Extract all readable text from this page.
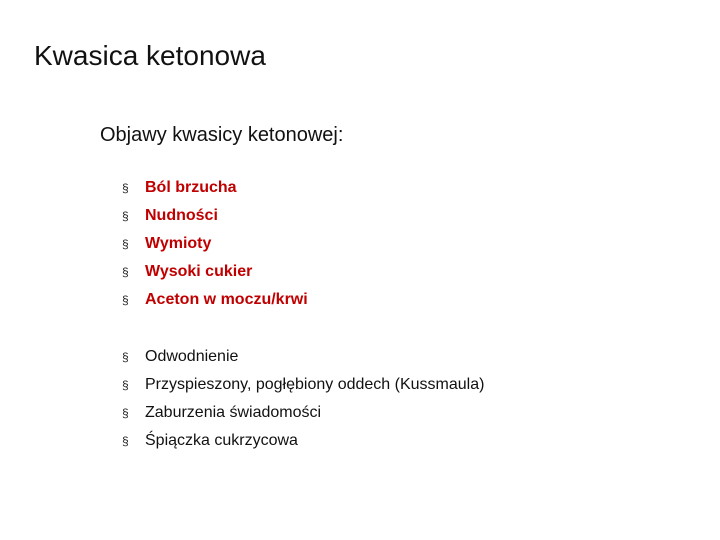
Kwasica ketonowa
Objawy kwasicy ketonowej:
§	Ból brzucha
§	Nudności
§	Wymioty
§	Wysoki cukier
§	Aceton w moczu/krwi
§	Odwodnienie
§	Przyspieszony, pogłębiony oddech (Kussmaula)
§	Zaburzenia świadomości
§	Śpiączka cukrzycowa
